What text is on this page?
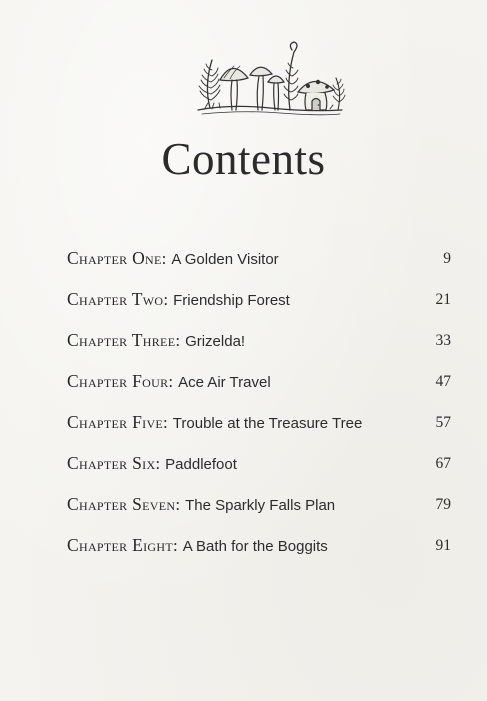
Contents
Chapter One : A Golden Visitor	9
Chapter Two : Friendship Forest	21
Chapter Three : Grizelda!	33
Chapter Four : Ace Air Travel	47
Chapter Five : Trouble at the Treasure Tree	57
Chapter Six : Paddlefoot	67
Chapter Seven : The Sparkly Falls Plan	79
Chapter Eight : A Bath for the Boggits	91
